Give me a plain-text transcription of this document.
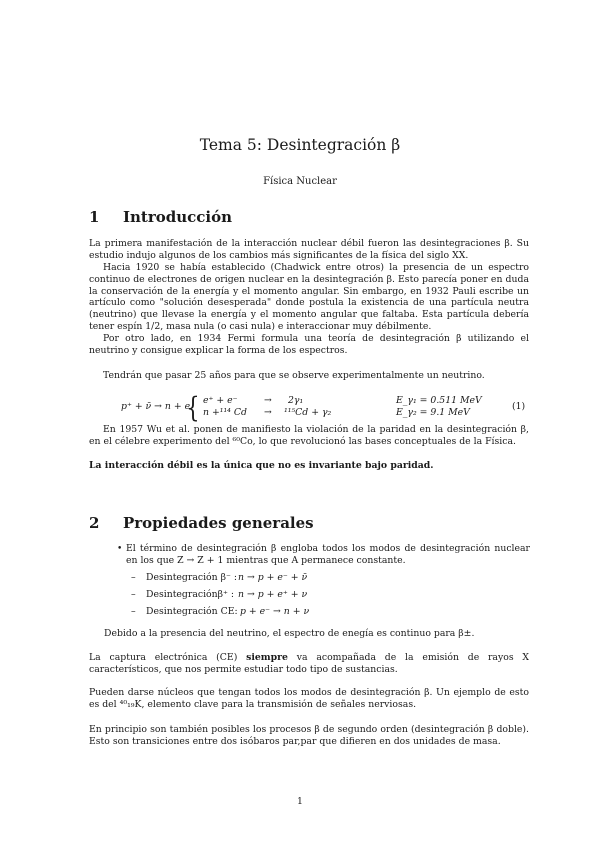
Tema 5: Desintegración β
Física Nuclear
1 Introducción

La primera manifestación de la interacción nuclear débil fueron las desintegraciones β. Su estudio indujo algunos de los cambios más significantes de la física del siglo XX.

Hacia 1920 se había establecido (Chadwick entre otros) la presencia de un espectro continuo de electrones de origen nuclear en la desintegración β. Esto parecía poner en duda la conservación de la energía y el momento angular. Sin embargo, en 1932 Pauli escribe un artículo como "solución desesperada" donde postula la existencia de una partícula neutra (neutrino) que llevase la energía y el momento angular que faltaba. Esta partícula debería tener espín 1/2, masa nula (o casi nula) e interaccionar muy débilmente.

Por otro lado, en 1934 Fermi formula una teoría de desintegración β utilizando el neutrino y consigue explicar la forma de los espectros.

Tendrán que pasar 25 años para que se observe experimentalmente un neutrino.

p⁺ + ν̄ → n + e
{ e⁺ + e⁻	→ 2γ₁	E_γ₁ = 0.511 MeV
n +¹¹⁴ Cd → ¹¹⁵Cd + γ₂	E_γ₂ = 9.1 MeV
(1)

En 1957 Wu et al. ponen de manifiesto la violación de la paridad en la desintegración β, en el célebre experimento del ⁶⁰Co, lo que revolucionó las bases conceptuales de la Física.

La interacción débil es la única que no es invariante bajo paridad.

2 Propiedades generales
• El término de desintegración β engloba todos los modos de desintegración nuclear en los que Z → Z + 1 mientras que A permanece constante.

– Desintegración β⁻ : n → p + e⁻ + ν̄
– Desintegraciónβ⁺ : n → p + e⁺ + ν
– Desintegración CE: p + e⁻ → n + ν

Debido a la presencia del neutrino, el espectro de enegía es continuo para β±.

La captura electrónica (CE) siempre va acompañada de la emisión de rayos X característicos, que nos permite estudiar todo tipo de sustancias.

Pueden darse núcleos que tengan todos los modos de desintegración β. Un ejemplo de esto es del ⁴⁰₁₉K, elemento clave para la transmisión de señales nerviosas.

En principio son también posibles los procesos β de segundo orden (desintegración β doble). Esto son transiciones entre dos isóbaros par,par que difieren en dos unidades de masa.

1
